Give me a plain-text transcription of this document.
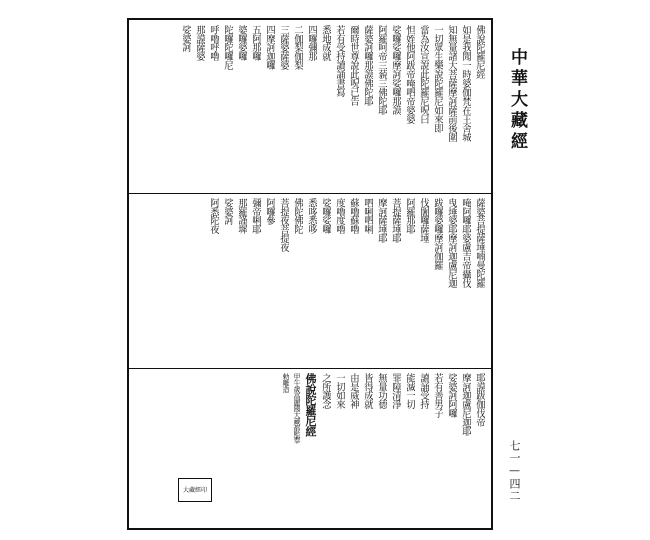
中華大藏經
七一—四二
佛說陀羅尼經
如是我聞一時婆伽梵在王舍城
知無量諸大菩薩摩訶薩前後圍
一切眾生樂說陀羅尼如來即
當為汝宣說此陀羅尼呪曰
怛姪他阿跋帝唵呬帝婆婆
娑囉娑囉摩訶娑囉那謨
阿羅呵帝三藐三佛陀耶
薩婆訶囉那謨佛陀耶
爾時世尊說此呪已告
若有受持讀誦書寫
悉地成就
四囉彌那
二伽梨伽梨
三薩婆薩婆
四摩訶迦囉
五阿那囉
婆囉婆囉
陀囉陀囉尼
呼嚕呼嚕
那謨薩婆
娑婆訶
薩婆菩提薩埵喃曼陀羅
唵阿囉耶婆盧吉帝攝伐
曳埵婆耶摩訶迦盧尼迦
跋囉婆囉摩訶伽羅
伐闍囉薩埵
阿羅那耶
菩提薩埵耶
摩訶薩埵耶
呬唎呬唎
蘇嚕蘇嚕
度嚕度嚕
娑囉娑囉
悉哆悉哆
佛陀佛陀
菩提夜菩提夜
阿囉參
彌帝唎耶
那羅謹墀
娑婆訶
阿悉陀夜
耶謨跋伽伐帝
摩訶迦盧尼迦耶
娑婆訶阿囉
若有善男子
讀誦受持
能滅一切
罪障清淨
無量功德
皆得成就
由是威神
一切如來
之所護念
佛說陀羅尼經
甲午歲高麗國大藏都監奉
勅雕造
大藏經印
